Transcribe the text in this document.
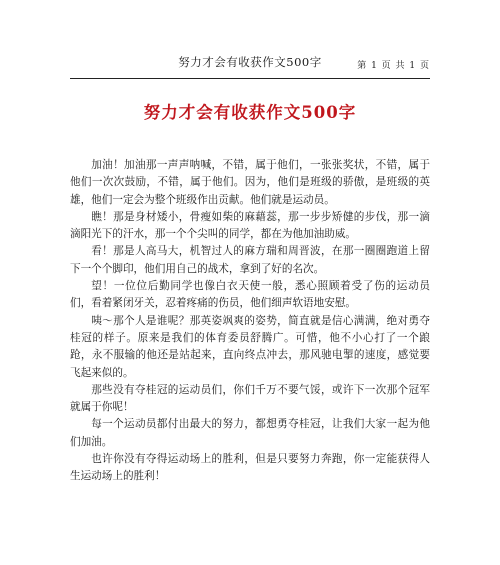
努力才会有收获作文500字	第 1 页 共 1 页
努力才会有收获作文500字

加油！加油那一声声呐喊，不错，属于他们，一张张奖状，不错，属于他们一次次鼓励，不错，属于他们。因为，他们是班级的骄傲，是班级的英雄，他们一定会为整个班级作出贡献。他们就是运动员。

瞧！那是身材矮小，骨瘦如柴的麻藉蕊，那一步步矫健的步伐，那一滴滴阳光下的汗水，那一个个尖叫的同学，都在为他加油助威。

看！那是人高马大，机智过人的麻方瑞和周晋波，在那一圈圈跑道上留下一个个脚印，他们用自己的战术，拿到了好的名次。

望！一位位后勤同学也像白衣天使一般，悉心照顾着受了伤的运动员们，看着紧闭牙关，忍着疼痛的伤员，他们细声软语地安慰。

咦～那个人是谁呢？那英姿飒爽的姿势，简直就是信心满满，绝对勇夺桂冠的样子。原来是我们的体育委员舒腾广。可惜，他不小心打了一个踉跄，永不服输的他还是站起来，直向终点冲去，那风驰电掣的速度，感觉要飞起来似的。

那些没有夺桂冠的运动员们，你们千万不要气馁，或许下一次那个冠军就属于你呢！

每一个运动员都付出最大的努力，都想勇夺桂冠，让我们大家一起为他们加油。

也许你没有夺得运动场上的胜利，但是只要努力奔跑，你一定能获得人生运动场上的胜利！
